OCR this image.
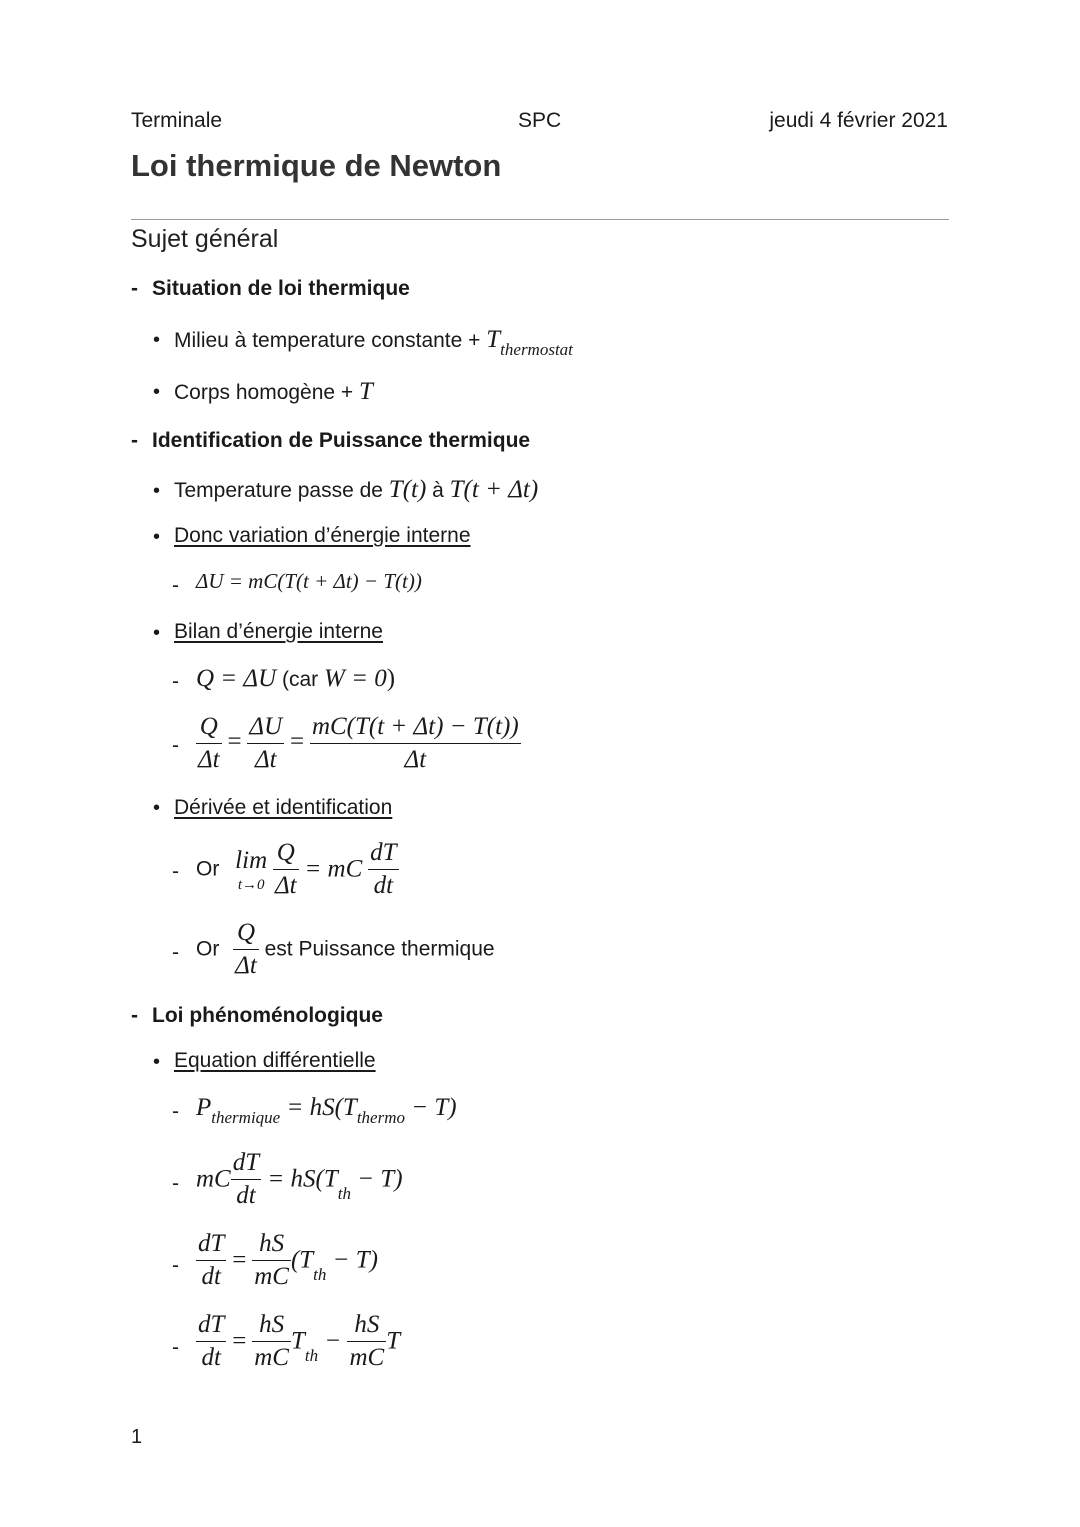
Terminale	SPC	jeudi 4 février 2021
Loi thermique de Newton
Sujet général
- Situation de loi thermique
• Milieu à temperature constante + $T_{thermostat}$
• Corps homogène + T
- Identification de Puissance thermique
• Temperature passe de T(t) à T(t + Δt)
• Donc variation d’énergie interne
- ΔU = mC(T(t + Δt) − T(t))
• Bilan d’énergie interne
- Q = ΔU (car W = 0)
- $\frac{Q}{\Delta t} = \frac{\Delta U}{\Delta t} = \frac{mC(T(t + \Delta t) - T(t))}{\Delta t}$
• Dérivée et identification
- Or lim
t→0
$\frac{Q}{\Delta t}$ = mC $\frac{dT}{dt}$
- Or $\frac{Q}{\Delta t}$ est Puissance thermique
- Loi phénoménologique
• Equation différentielle
- $P_{thermique} = hS(T_{thermo} - T)$
- mC $\frac{dT}{dt} = hS(T_{th} - T)$
- $\frac{dT}{dt} = \frac{hS}{mC} (T_{th} - T)$
- $\frac{dT}{dt} = \frac{hS}{mC} T_{th} - \frac{hS}{mC}$ T
1
